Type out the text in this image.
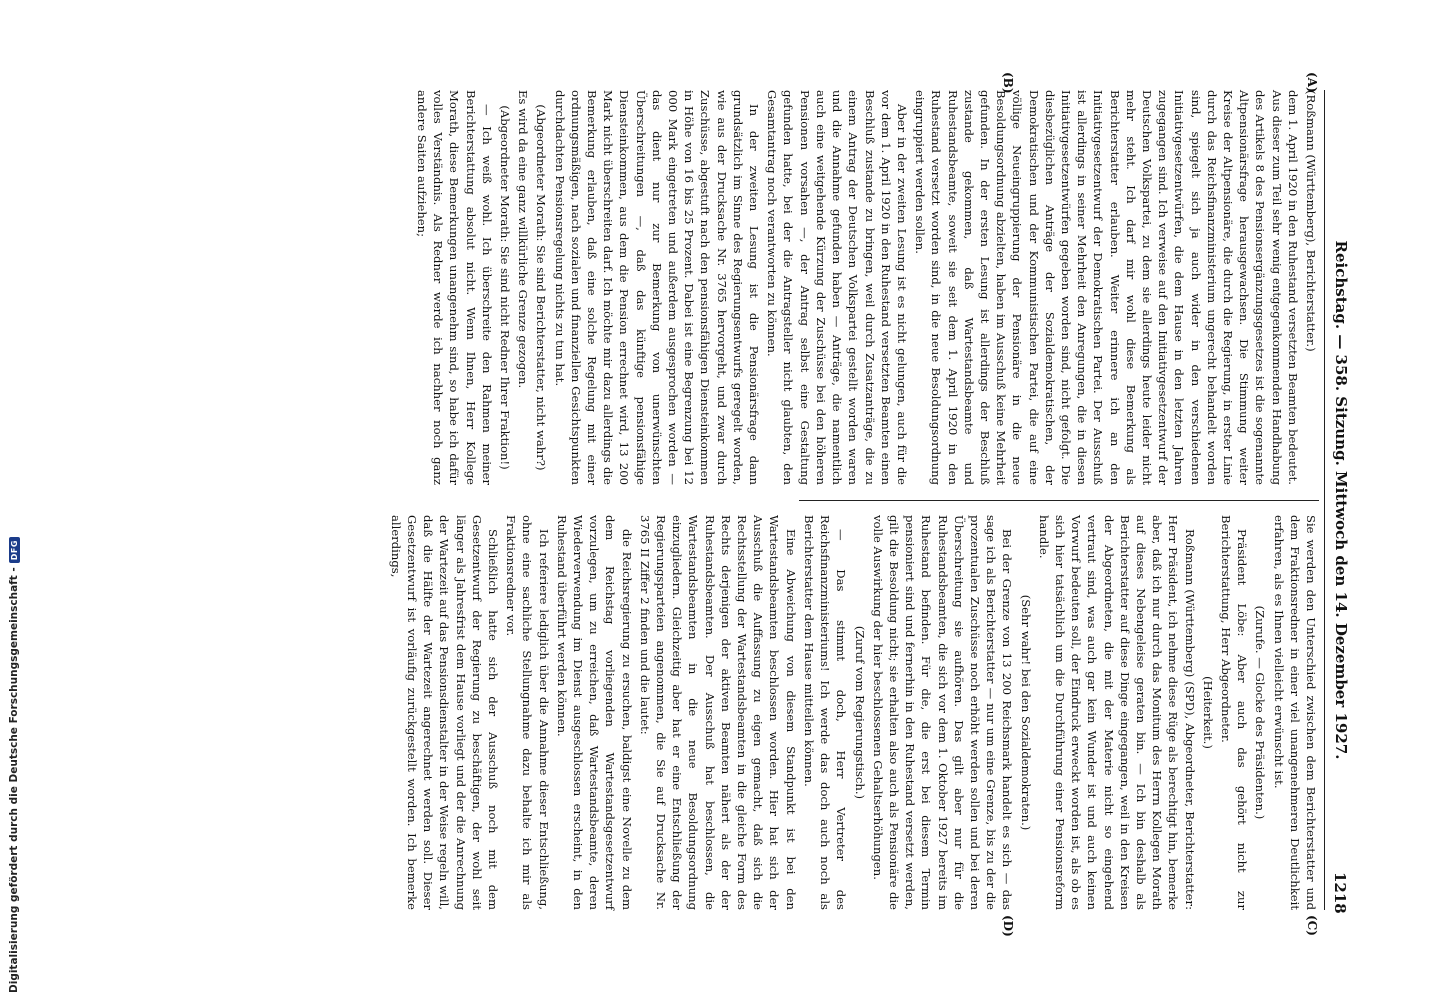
Reichstag. — 358. Sitzung. Mittwoch den 14. Dezember 1927.
(A)
(B)
(C)
(D)

(Roßmann (Württemberg), Berichterstatter.)

dem 1. April 1920 in den Ruhestand versetzten Beamten bedeutet. Aus dieser zum Teil sehr wenig entgegenkommenden Handhabung des Artikels 8 des Pensionsergänzungsgesetzes ist die sogenannte Altpensionärsfrage herausgewachsen. Die Stimmung weiter Kreise der Altpensionäre, die durch die Regierung, in erster Linie durch das Reichsfinanzministerium ungerecht behandelt worden sind, spiegelt sich ja auch wider in den verschiedenen Initiativgesetzentwürfen, die dem Hause in den letzten Jahren zugegangen sind. Ich verweise auf den Initiativgesetzentwurf der Deutschen Volkspartei, zu dem sie allerdings heute leider nicht mehr steht. Ich darf mir wohl diese Bemerkung als Berichterstatter erlauben. Weiter erinnere ich an den Initiativgesetzentwurf der Demokratischen Partei. Der Ausschuß ist allerdings in seiner Mehrheit den Anregungen, die in diesen Initiativgesetzentwürfen gegeben worden sind, nicht gefolgt. Die diesbezüglichen Anträge der Sozialdemokratischen, der Demokratischen und der Kommunistischen Partei, die auf eine völlige Neueingruppierung der Pensionäre in die neue Besoldungsordnung abzielten, haben im Ausschuß keine Mehrheit gefunden. In der ersten Lesung ist allerdings der Beschluß zustande gekommen, daß Wartestandsbeamte und Ruhestandsbeamte, soweit sie seit dem 1. April 1920 in den Ruhestand versetzt worden sind, in die neue Besoldungsordnung eingruppiert werden sollen.

Aber in der zweiten Lesung ist es nicht gelungen, auch für die vor dem 1. April 1920 in den Ruhestand versetzten Beamten einen Beschluß zustande zu bringen, weil durch Zusatzanträge, die zu einem Antrag der Deutschen Volkspartei gestellt worden waren und die Annahme gefunden haben — Anträge, die namentlich auch eine weitgehende Kürzung der Zuschüsse bei den höheren Pensionen vorsahen —, der Antrag selbst eine Gestaltung gefunden hatte, bei der die Antragsteller nicht glaubten, den Gesamtantrag noch verantworten zu können.

In der zweiten Lesung ist die Pensionärsfrage dann grundsätzlich im Sinne des Regierungsentwurfs geregelt worden, wie aus der Drucksache Nr. 3765 hervorgeht, und zwar durch Zuschüsse, abgestuft nach den pensionsfähigen Diensteinkommen in Höhe von 16 bis 25 Prozent. Dabei ist eine Begrenzung bei 12 000 Mark eingetreten und außerdem ausgesprochen worden — das dient nur zur Bemerkung von unerwünschten Überschreitungen —, daß das künftige pensionsfähige Diensteinkommen, aus dem die Pension errechnet wird, 13 200 Mark nicht überschreiten darf. Ich möchte mir dazu allerdings die Bemerkung erlauben, daß eine solche Regelung mit einer ordnungsmäßigen, nach sozialen und finanziellen Gesichtspunkten durchdachten Pensionsregelung nichts zu tun hat.

(Abgeordneter Morath: Sie sind Berichterstatter, nicht wahr?)

Es wird da eine ganz willkürliche Grenze gezogen.

(Abgeordneter Morath: Sie sind nicht Redner Ihrer Fraktion!)

— Ich weiß wohl. Ich überschreite den Rahmen meiner Berichterstattung absolut nicht. Wenn Ihnen, Herr Kollege Morath, diese Bemerkungen unangenehm sind, so habe ich dafür volles Verständnis. Als Redner werde ich nachher noch ganz andere Saiten aufziehen;

Sie werden den Unterschied zwischen dem Berichterstatter und dem Fraktionsredner in einer viel unangenehmeren Deutlichkeit erfahren, als es Ihnen vielleicht erwünscht ist.

(Zurufe. — Glocke des Präsidenten.)

Präsident Löbe: Aber auch das gehört nicht zur Berichterstattung, Herr Abgeordneter.

(Heiterkeit.)

Roßmann (Württemberg) (SPD), Abgeordneter, Berichterstatter: Herr Präsident, ich nehme diese Rüge als berechtigt hin, bemerke aber, daß ich nur durch das Monitum des Herrn Kollegen Morath auf dieses Nebengeleise geraten bin. — Ich bin deshalb als Berichterstatter auf diese Dinge eingegangen, weil in den Kreisen der Abgeordneten, die mit der Materie nicht so eingehend vertraut sind, was auch gar kein Wunder ist und auch keinen Vorwurf bedeuten soll, der Eindruck erweckt worden ist, als ob es sich hier tatsächlich um die Durchführung einer Pensionsreform handle.

(Sehr wahr! bei den Sozialdemokraten.)

Bei der Grenze von 13 200 Reichsmark handelt es sich — das sage ich als Berichterstatter — nur um eine Grenze, bis zu der die prozentualen Zuschüsse noch erhöht werden sollen und bei deren Überschreitung sie aufhören. Das gilt aber nur für die Ruhestandsbeamten, die sich vor dem 1. Oktober 1927 bereits im Ruhestand befinden. Für die, die erst bei diesem Termin pensioniert sind und fernerhin in den Ruhestand versetzt werden, gilt die Besoldung nicht; sie erhalten also auch als Pensionäre die volle Auswirkung der hier beschlossenen Gehaltserhöhungen.

(Zuruf vom Regierungstisch.)

— Das stimmt doch, Herr Vertreter des Reichsfinanzministeriums! Ich werde das doch auch noch als Berichterstatter dem Hause mitteilen können.

Eine Abweichung von diesem Standpunkt ist bei den Wartestandsbeamten beschlossen worden. Hier hat sich der Ausschuß die Auffassung zu eigen gemacht, daß sich die Rechtsstellung der Wartestandsbeamten in die gleiche Form des Rechts derjenigen der aktiven Beamten nähert als der der Ruhestandsbeamten. Der Ausschuß hat beschlossen, die Wartestandsbeamten in die neue Besoldungsordnung einzugliedern. Gleichzeitig aber hat er eine Entschließung der Regierungsparteien angenommen, die Sie auf Drucksache Nr. 3765 II Ziffer 2 finden und die lautet:

die Reichsregierung zu ersuchen, baldigst eine Novelle zu dem dem Reichstag vorliegenden Wartestandsgesetzentwurf vorzulegen, um zu erreichen, daß Wartestandsbeamte, deren Wiederverwendung im Dienst ausgeschlossen erscheint, in den Ruhestand überführt werden können.

Ich referiere lediglich über die Annahme dieser Entschließung, ohne eine sachliche Stellungnahme dazu behalte ich mir als Fraktionsredner vor.

Schließlich hatte sich der Ausschuß noch mit dem Gesetzentwurf der Regierung zu beschäftigen, der wohl seit länger als Jahresfrist dem Hause vorliegt und der die Anrechnung der Wartezeit auf das Pensionsdienstalter in der Weise regeln will, daß die Hälfte der Wartezeit angerechnet werden soll. Dieser Gesetzentwurf ist vorläufig zurückgestellt worden. Ich bemerke allerdings,

1218
Digitalisierung gefördert durch die Deutsche Forschungsgemeinschaft -
DFG
